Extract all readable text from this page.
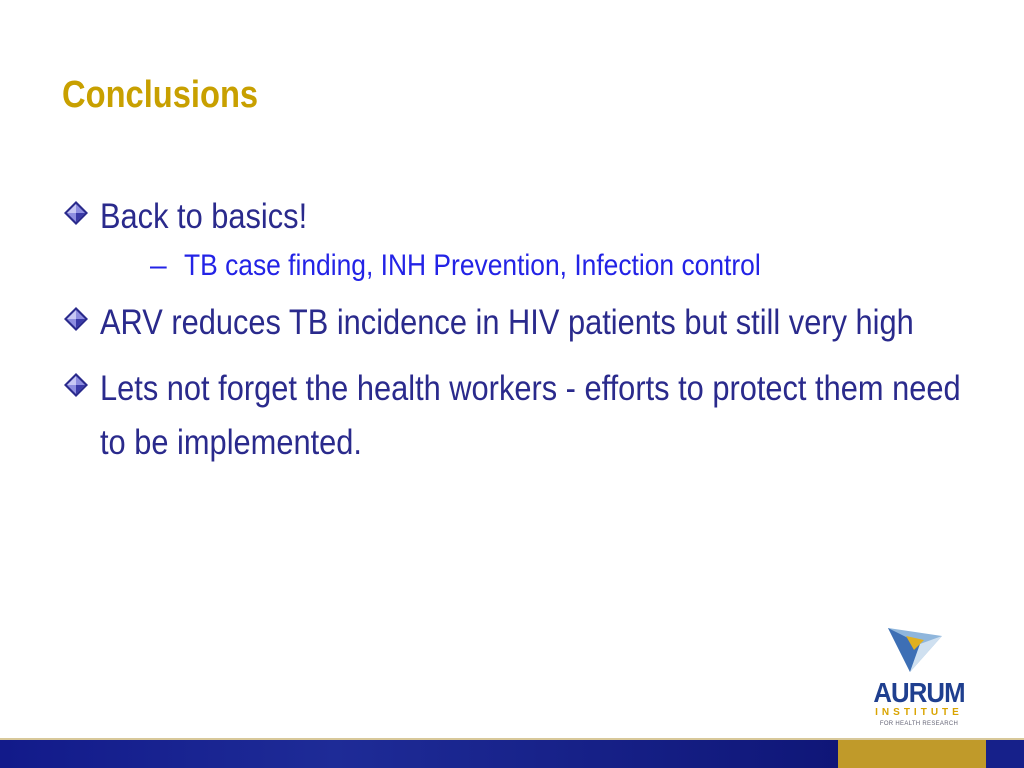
Conclusions
Back to basics!
– TB case finding, INH Prevention, Infection control
ARV reduces TB incidence in HIV patients but still very high
Lets not forget the health workers - efforts to protect them need to be implemented.
AURUM
INSTITUTE
FOR HEALTH RESEARCH
